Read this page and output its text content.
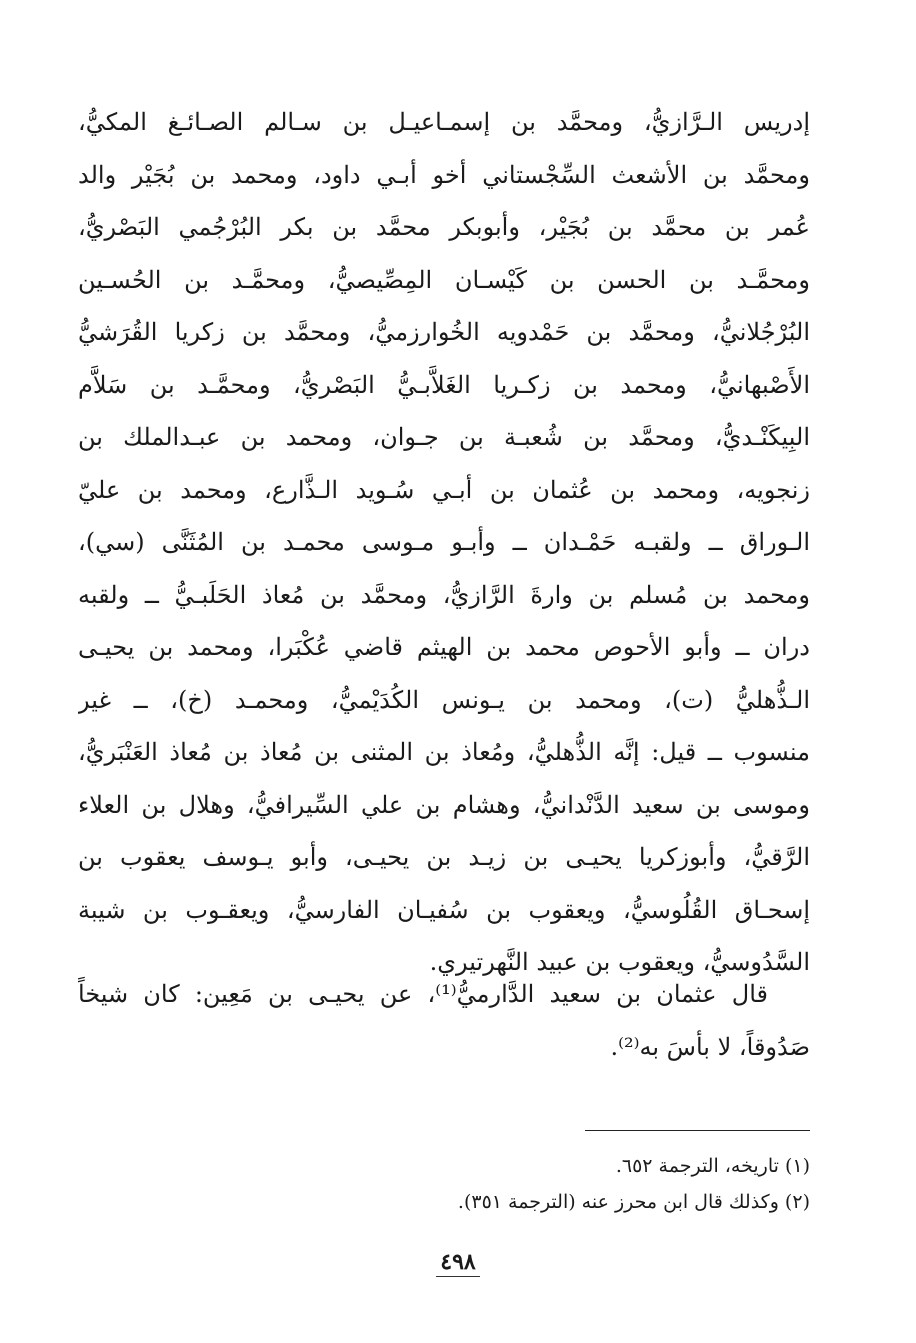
إدريس الـرَّازيُّ، ومحمَّد بن إسمـاعيـل بن سـالم الصـائـغ المكيُّ،
ومحمَّد بن الأشعث السِّجْستاني أخو أبـي داود، ومحمد بن بُجَيْر والد
عُمر بن محمَّد بن بُجَيْر، وأبوبكر محمَّد بن بكر البُرْجُمي البَصْريُّ،
ومحمَّـد بن الحسن بن كَيْسـان المِصِّيصيُّ، ومحمَّـد بن الحُسـين
البُرْجُلانيُّ، ومحمَّد بن حَمْدويه الخُوارزميُّ، ومحمَّد بن زكريا القُرَشيُّ
الأَصْبهانيُّ، ومحمد بن زكـريا الغَلاَّبـيُّ البَصْريُّ، ومحمَّـد بن سَلاَّم
البِيكَنْـديُّ، ومحمَّد بن شُعبـة بن جـوان، ومحمد بن عبـدالملك بن
زنجويه، ومحمد بن عُثمان بن أبـي سُـويد الـذَّارع، ومحمد بن عليّ
الـوراق ــ ولقبـه حَمْـدان ــ وأبـو مـوسى محمـد بن المُثَنَّى (سي)،
ومحمد بن مُسلم بن وارةَ الرَّازيُّ، ومحمَّد بن مُعاذ الحَلَبـيُّ ــ ولقبه
دران ــ وأبو الأحوص محمد بن الهيثم قاضي عُكْبَرا، ومحمد بن يحيـى
الـذُّهليُّ (ت)، ومحمد بن يـونس الكُدَيْميُّ، ومحمـد (خ)، ــ غير
منسوب ــ قيل: إنَّه الذُّهليُّ، ومُعاذ بن المثنى بن مُعاذ بن مُعاذ العَنْبَريُّ،
وموسى بن سعيد الدَّنْدانيُّ، وهشام بن علي السِّيرافيُّ، وهلال بن العلاء
الرَّقيُّ، وأبوزكريا يحيـى بن زيـد بن يحيـى، وأبو يـوسف يعقوب بن
إسحـاق القُلُوسيُّ، ويعقوب بن سُفيـان الفارسيُّ، ويعقـوب بن شيبة
السَّدُوسيُّ، ويعقوب بن عبيد النَّهرتيري.
قال عثمان بن سعيد الدَّارميُّ⁽¹⁾، عن يحيـى بن مَعِين: كان شيخاً
صَدُوقاً، لا بأسَ به⁽²⁾.
(١) تاريخه، الترجمة ٦٥٢.
(٢) وكذلك قال ابن محرز عنه (الترجمة ٣٥١).
٤٩٨
